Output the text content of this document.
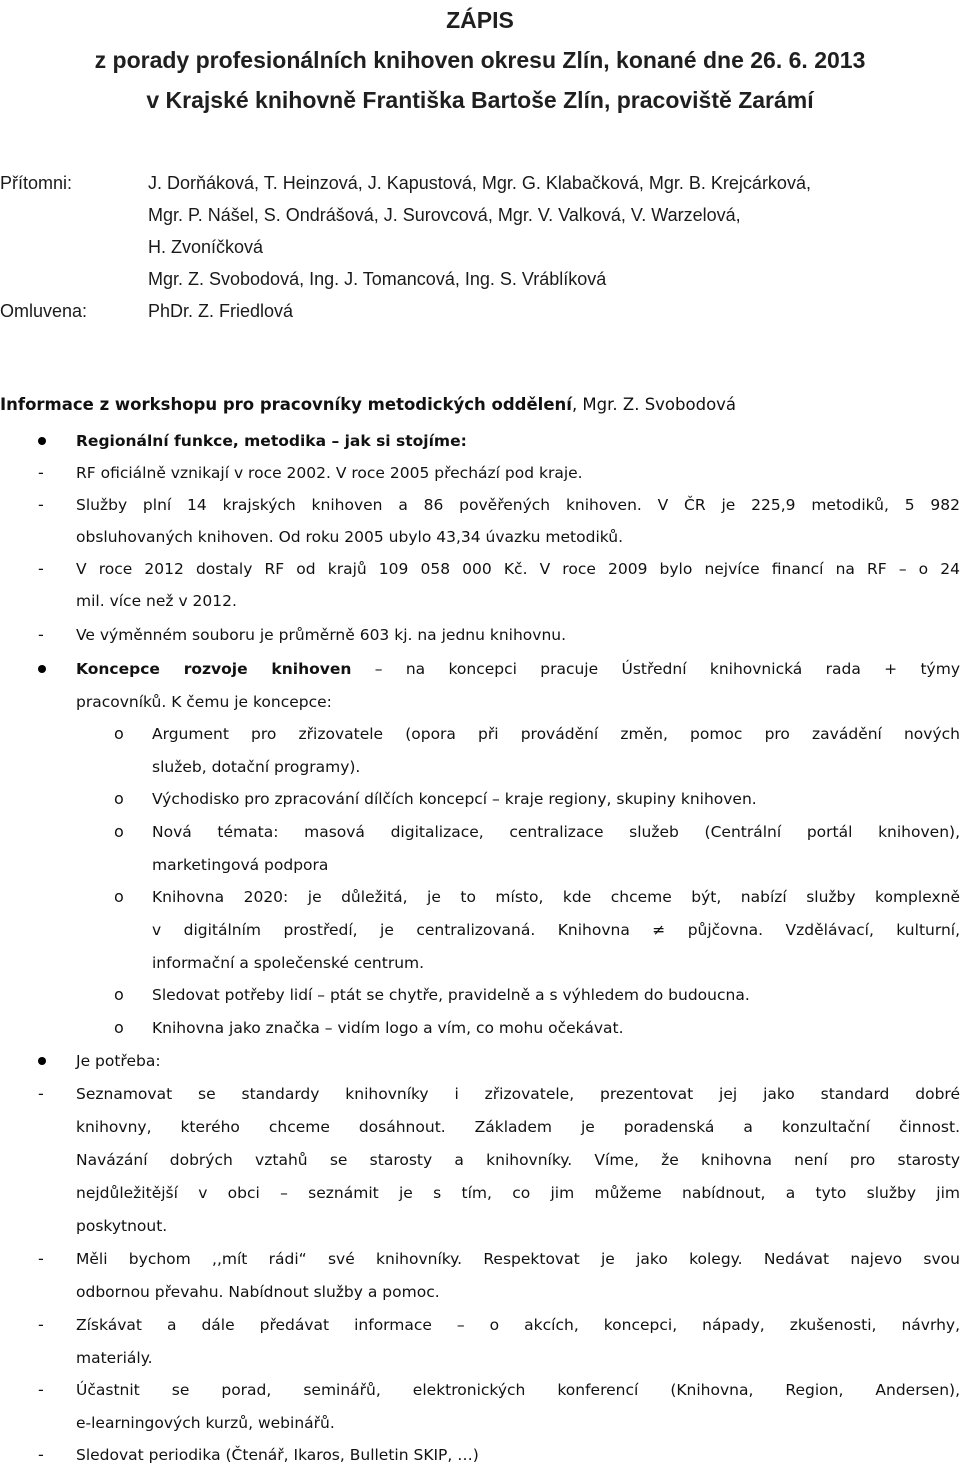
ZÁPIS
z porady profesionálních knihoven okresu Zlín, konané dne 26. 6. 2013
v Krajské knihovně Františka Bartoše Zlín, pracoviště Zarámí
Přítomni:	J. Dorňáková, T. Heinzová, J. Kapustová, Mgr. G. Klabačková, Mgr. B. Krejcárková,
Mgr. P. Nášel, S. Ondrášová, J. Surovcová, Mgr. V. Valková, V. Warzelová,
H. Zvoníčková
Mgr. Z. Svobodová, Ing. J. Tomancová, Ing. S. Vráblíková
Omluvena:	PhDr. Z. Friedlová
Informace z workshopu pro pracovníky metodických oddělení, Mgr. Z. Svobodová
Regionální funkce, metodika – jak si stojíme:
- RF oficiálně vznikají v roce 2002. V roce 2005 přechází pod kraje.
- Služby plní 14 krajských knihoven a 86 pověřených knihoven. V ČR je 225,9 metodiků, 5 982
obsluhovaných knihoven. Od roku 2005 ubylo 43,34 úvazku metodiků.
- V roce 2012 dostaly RF od krajů 109 058 000 Kč. V roce 2009 bylo nejvíce financí na RF – o 24
mil. více než v 2012.
- Ve výměnném souboru je průměrně 603 kj. na jednu knihovnu.
Koncepce rozvoje knihoven – na koncepci pracuje Ústřední knihovnická rada + týmy
pracovníků. K čemu je koncepce:
o Argument pro zřizovatele (opora při provádění změn, pomoc pro zavádění nových
služeb, dotační programy).
o Východisko pro zpracování dílčích koncepcí – kraje regiony, skupiny knihoven.
o Nová témata: masová digitalizace, centralizace služeb (Centrální portál knihoven),
marketingová podpora
o Knihovna 2020: je důležitá, je to místo, kde chceme být, nabízí služby komplexně
v digitálním prostředí, je centralizovaná. Knihovna ≠ půjčovna. Vzdělávací, kulturní,
informační a společenské centrum.
o Sledovat potřeby lidí – ptát se chytře, pravidelně a s výhledem do budoucna.
o Knihovna jako značka – vidím logo a vím, co mohu očekávat.
Je potřeba:
- Seznamovat se standardy knihovníky i zřizovatele, prezentovat jej jako standard dobré
knihovny, kterého chceme dosáhnout. Základem je poradenská a konzultační činnost.
Navázání dobrých vztahů se starosty a knihovníky. Víme, že knihovna není pro starosty
nejdůležitější v obci – seznámit je s tím, co jim můžeme nabídnout, a tyto služby jim
poskytnout.
- Měli bychom ,,mít rádi“ své knihovníky. Respektovat je jako kolegy. Nedávat najevo svou
odbornou převahu. Nabídnout služby a pomoc.
- Získávat a dále předávat informace – o akcích, koncepci, nápady, zkušenosti, návrhy,
materiály.
- Účastnit se porad, seminářů, elektronických konferencí (Knihovna, Region, Andersen),
e-learningových kurzů, webinářů.
- Sledovat periodika (Čtenář, Ikaros, Bulletin SKIP, …)
